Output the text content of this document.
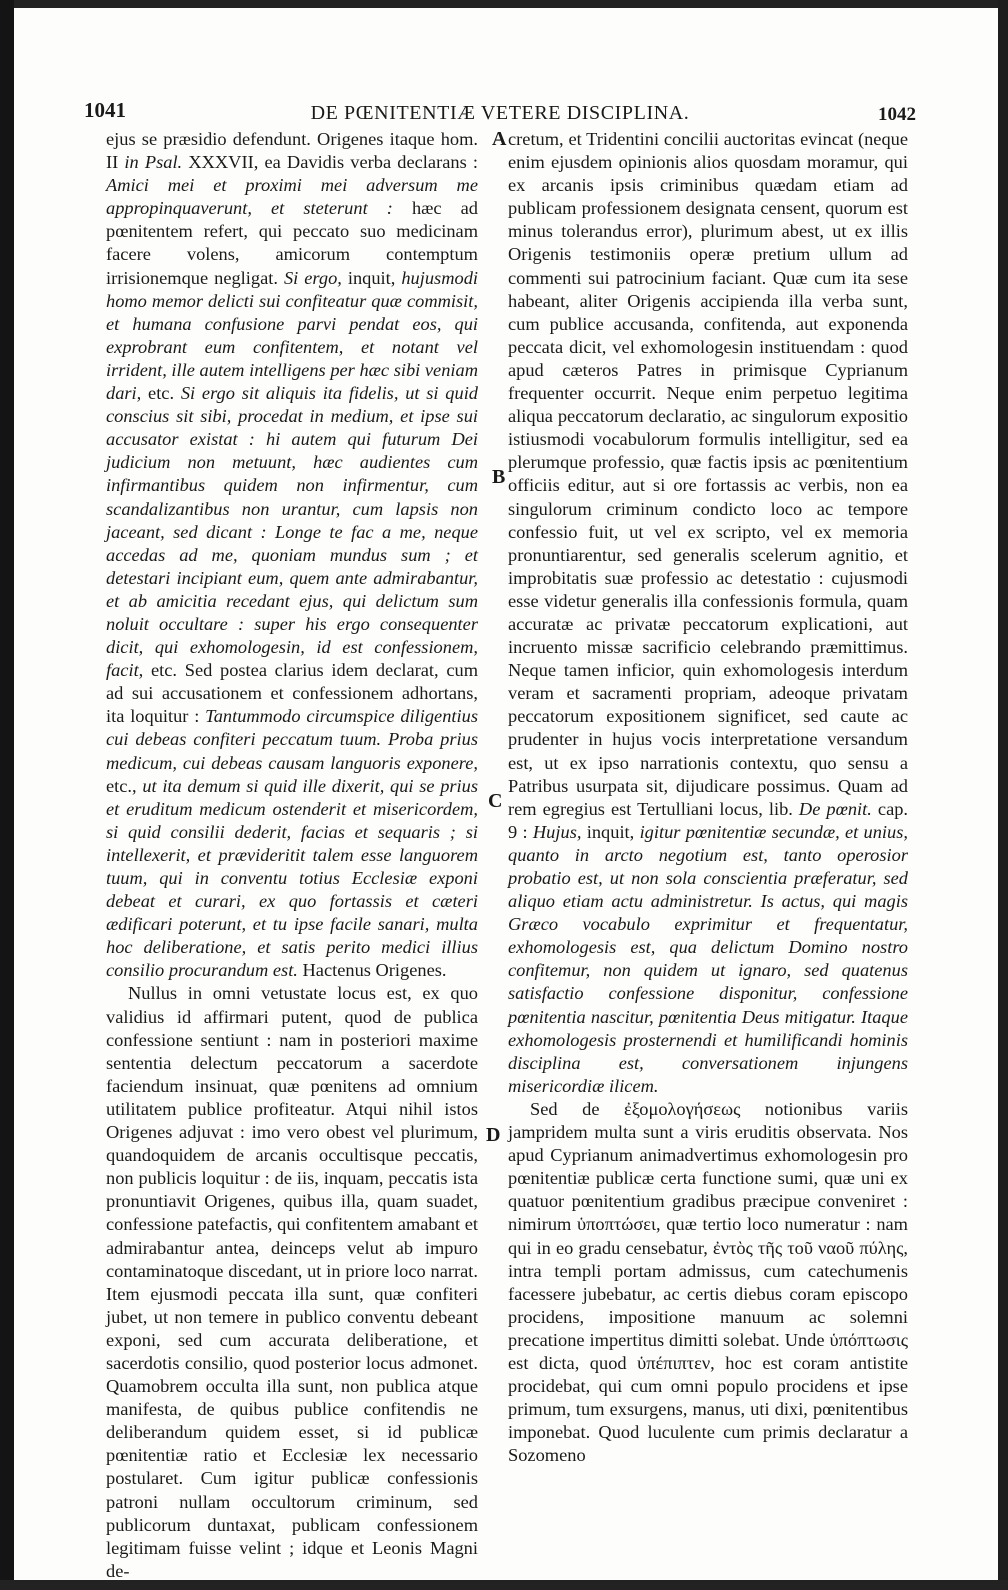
1041	DE PŒNITENTIÆ VETERE DISCIPLINA.	1042

ejus se præsidio defendunt. Origenes itaque hom. II in Psal. XXXVII, ea Davidis verba declarans : Amici mei et proximi mei adversum me appropinquaverunt, et steterunt : hæc ad pœnitentem refert, qui peccato suo medicinam facere volens, amicorum contemptum irrisionemque negligat. Si ergo, inquit, hujusmodi homo memor delicti sui confiteatur quæ commisit, et humana confusione parvi pendat eos, qui exprobrant eum confitentem, et notant vel irrident, ille autem intelligens per hæc sibi veniam dari, etc. Si ergo sit aliquis ita fidelis, ut si quid conscius sit sibi, procedat in medium, et ipse sui accusator existat : hi autem qui futurum Dei judicium non metuunt, hæc audientes cum infirmantibus quidem non infirmentur, cum scandalizantibus non urantur, cum lapsis non jaceant, sed dicant : Longe te fac a me, neque accedas ad me, quoniam mundus sum ; et detestari incipiant eum, quem ante admirabantur, et ab amicitia recedant ejus, qui delictum sum noluit occultare : super his ergo consequenter dicit, qui exhomologesin, id est confessionem, facit, etc. Sed postea clarius idem declarat, cum ad sui accusationem et confessionem adhortans, ita loquitur : Tantummodo circumspice diligentius cui debeas confiteri peccatum tuum. Proba prius medicum, cui debeas causam languoris exponere, etc., ut ita demum si quid ille dixerit, qui se prius et eruditum medicum ostenderit et misericordem, si quid consilii dederit, facias et sequaris ; si intellexerit, et prævideritit talem esse languorem tuum, qui in conventu totius Ecclesiæ exponi debeat et curari, ex quo fortassis et cæteri ædificari poterunt, et tu ipse facile sanari, multa hoc deliberatione, et satis perito medici illius consilio procurandum est. Hactenus Origenes.

Nullus in omni vetustate locus est, ex quo validius id affirmari putent, quod de publica confessione sentiunt : nam in posteriori maxime sententia delectum peccatorum a sacerdote faciendum insinuat, quæ pœnitens ad omnium utilitatem publice profiteatur. Atqui nihil istos Origenes adjuvat : imo vero obest vel plurimum, quandoquidem de arcanis occultisque peccatis, non publicis loquitur : de iis, inquam, peccatis ista pronuntiavit Origenes, quibus illa, quam suadet, confessione patefactis, qui confitentem amabant et admirabantur antea, deinceps velut ab impuro contaminatoque discedant, ut in priore loco narrat. Item ejusmodi peccata illa sunt, quæ confiteri jubet, ut non temere in publico conventu debeant exponi, sed cum accurata deliberatione, et sacerdotis consilio, quod posterior locus admonet. Quamobrem occulta illa sunt, non publica atque manifesta, de quibus publice confitendis ne deliberandum quidem esset, si id publicæ pœnitentiæ ratio et Ecclesiæ lex necessario postularet. Cum igitur publicæ confessionis patroni nullam occultorum criminum, sed publicorum duntaxat, publicam confessionem legitimam fuisse velint ; idque et Leonis Magni de-

cretum, et Tridentini concilii auctoritas evincat (neque enim ejusdem opinionis alios quosdam moramur, qui ex arcanis ipsis criminibus quædam etiam ad publicam professionem designata censent, quorum est minus tolerandus error), plurimum abest, ut ex illis Origenis testimoniis operæ pretium ullum ad commenti sui patrocinium faciant. Quæ cum ita sese habeant, aliter Origenis accipienda illa verba sunt, cum publice accusanda, confitenda, aut exponenda peccata dicit, vel exhomologesin instituendam : quod apud cæteros Patres in primisque Cyprianum frequenter occurrit. Neque enim perpetuo legitima aliqua peccatorum declaratio, ac singulorum expositio istiusmodi vocabulorum formulis intelligitur, sed ea plerumque professio, quæ factis ipsis ac pœnitentium officiis editur, aut si ore fortassis ac verbis, non ea singulorum criminum condicto loco ac tempore confessio fuit, ut vel ex scripto, vel ex memoria pronuntiarentur, sed generalis scelerum agnitio, et improbitatis suæ professio ac detestatio : cujusmodi esse videtur generalis illa confessionis formula, quam accuratæ ac privatæ peccatorum explicationi, aut incruento missæ sacrificio celebrando præmittimus. Neque tamen inficior, quin exhomologesis interdum veram et sacramenti propriam, adeoque privatam peccatorum expositionem significet, sed caute ac prudenter in hujus vocis interpretatione versandum est, ut ex ipso narrationis contextu, quo sensu a Patribus usurpata sit, dijudicare possimus. Quam ad rem egregius est Tertulliani locus, lib. De pœnit. cap. 9 : Hujus, inquit, igitur pœnitentiæ secundæ, et unius, quanto in arcto negotium est, tanto operosior probatio est, ut non sola conscientia præferatur, sed aliquo etiam actu administretur. Is actus, qui magis Græco vocabulo exprimitur et frequentatur, exhomologesis est, qua delictum Domino nostro confitemur, non quidem ut ignaro, sed quatenus satisfactio confessione disponitur, confessione pœnitentia nascitur, pœnitentia Deus mitigatur. Itaque exhomologesis prosternendi et humilificandi hominis disciplina est, conversationem injungens misericordiæ ilicem.

Sed de ἐξομολογήσεως notionibus variis jampridem multa sunt a viris eruditis observata. Nos apud Cyprianum animadvertimus exhomologesin pro pœnitentiæ publicæ certa functione sumi, quæ uni ex quatuor pœnitentium gradibus præcipue conveniret : nimirum ὑποπτώσει, quæ tertio loco numeratur : nam qui in eo gradu censebatur, ἐντὸς τῆς τοῦ ναοῦ πύλης, intra templi portam admissus, cum catechumenis facessere jubebatur, ac certis diebus coram episcopo procidens, impositione manuum ac solemni precatione impertitus dimitti solebat. Unde ὑπόπτωσις est dicta, quod ὑπέπιπτεν, hoc est coram antistite procidebat, qui cum omni populo procidens et ipse primum, tum exsurgens, manus, uti dixi, pœnitentibus imponebat. Quod luculente cum primis declaratur a Sozomeno

A
B
C
D
